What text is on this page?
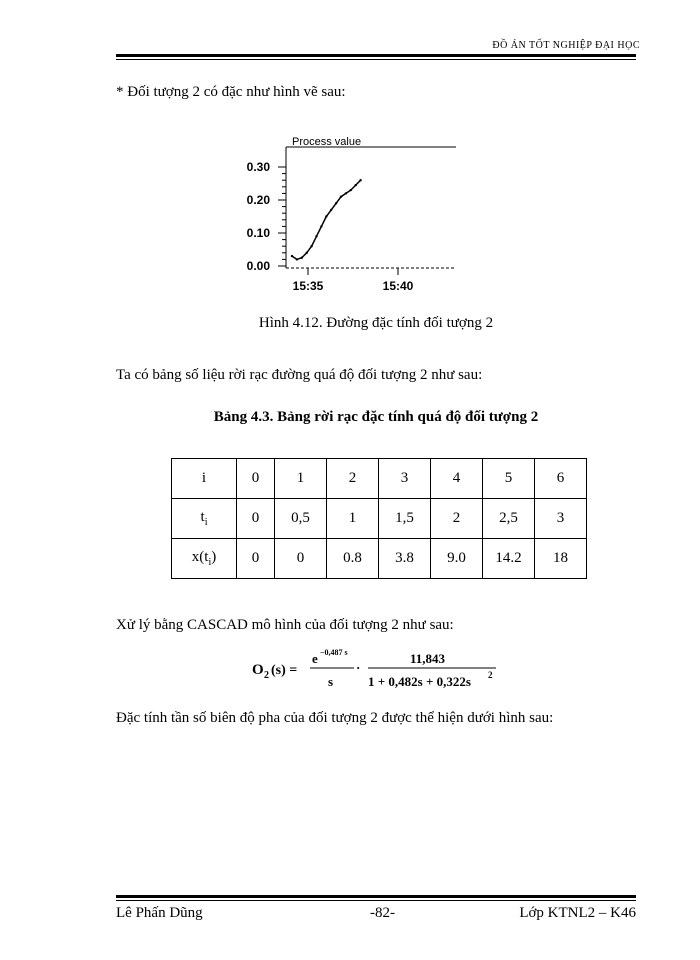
ĐỒ ÁN TỐT NGHIỆP ĐẠI HỌC
* Đối tượng 2 có đặc như hình vẽ sau:
Process value
0.30
0.20
0.10
0.00
15:35	15:40
Hình 4.12. Đường đặc tính đối tượng 2
Ta có bảng số liệu rời rạc đường quá độ đối tượng 2 như sau:
Bảng 4.3. Bảng rời rạc đặc tính quá độ đối tượng 2
i	0	1	2	3	4	5	6
$t_i$	0	0,5	1	1,5	2	2,5	3
$x(t_i)$	0	0	0.8	3.8	9.0	14.2	18
Xử lý bằng CASCAD mô hình của đối tượng 2 như sau:
O 2 (s) =
e −0,487 s
s
·
11,843
1 + 0,482s + 0,322s 2
Đặc tính tần số biên độ pha của đối tượng 2 được thể hiện dưới hình sau:
Lê Phấn Dũng	-82-	Lớp KTNL2 – K46
